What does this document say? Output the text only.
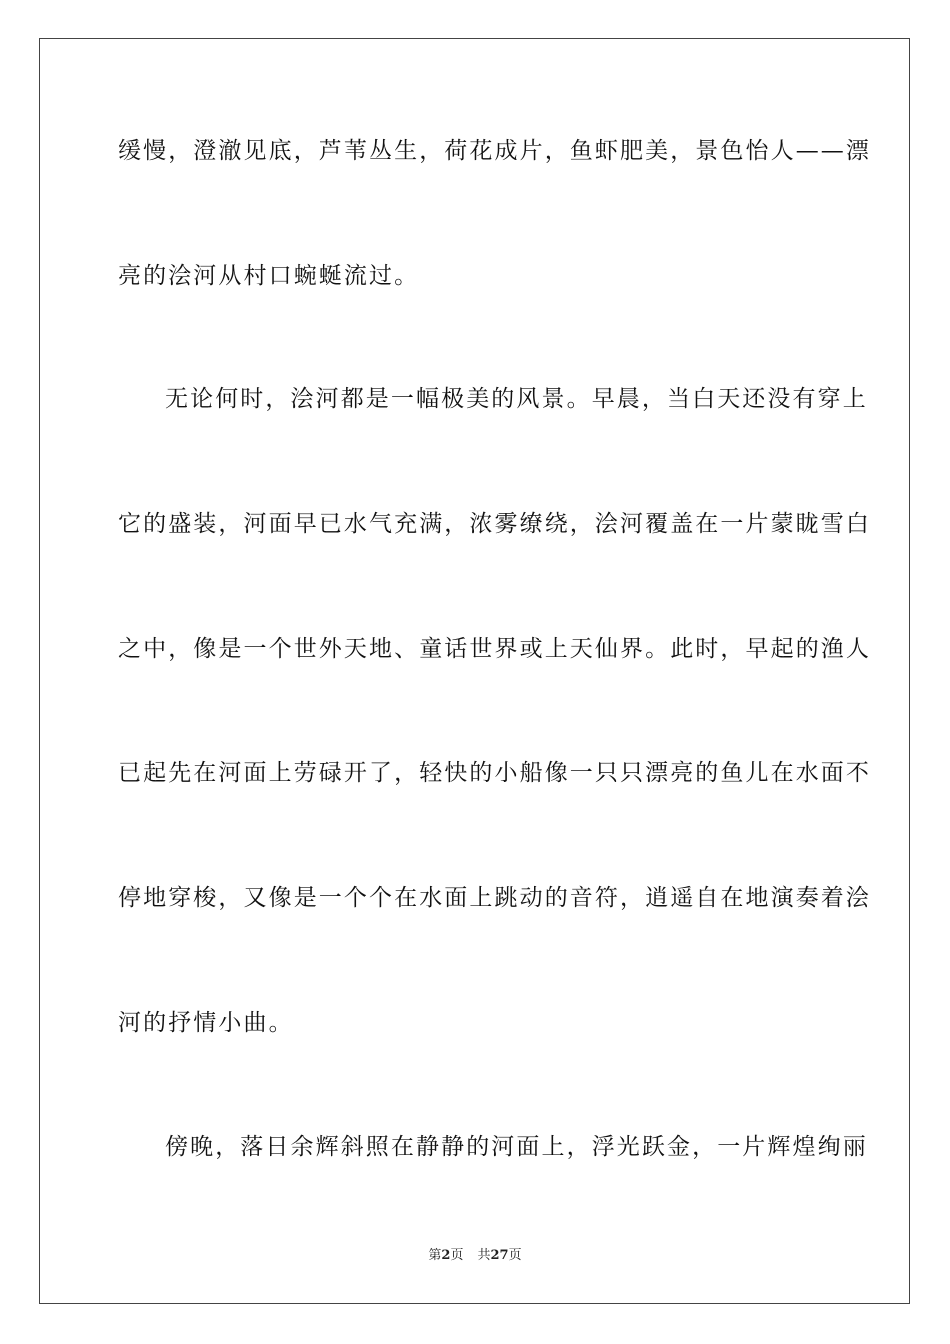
缓慢，澄澈见底，芦苇丛生，荷花成片，鱼虾肥美，景色怡人——漂
亮的浍河从村口蜿蜒流过。
无论何时，浍河都是一幅极美的风景。早晨，当白天还没有穿上
它的盛装，河面早已水气充满，浓雾缭绕，浍河覆盖在一片蒙眬雪白
之中，像是一个世外天地、童话世界或上天仙界。此时，早起的渔人
已起先在河面上劳碌开了，轻快的小船像一只只漂亮的鱼儿在水面不
停地穿梭，又像是一个个在水面上跳动的音符，逍遥自在地演奏着浍
河的抒情小曲。
傍晚，落日余辉斜照在静静的河面上，浮光跃金，一片辉煌绚丽
第2页 共27页
